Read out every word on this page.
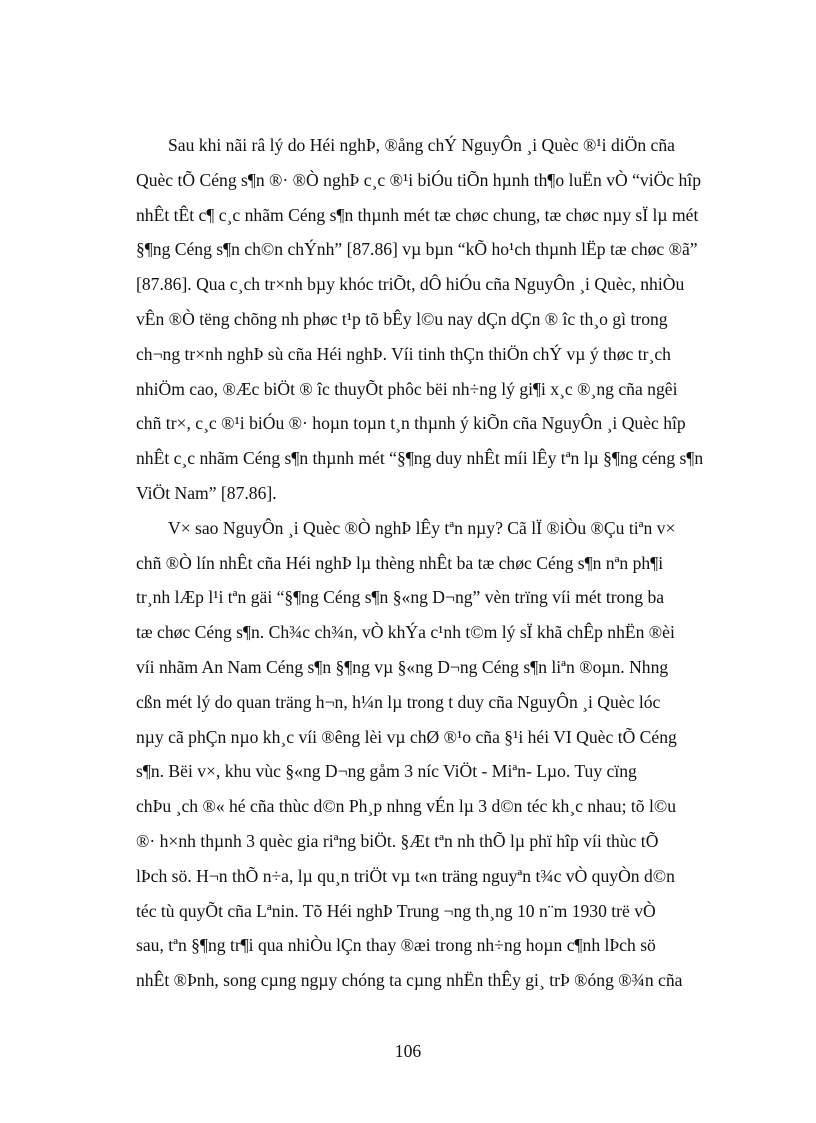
Sau khi nãi râ lý do Héi nghÞ, ®ång chÝ NguyÔn ¸i Quèc ®¹i diÖn cña
Quèc tÕ Céng s¶n ®· ®Ò nghÞ c¸c ®¹i biÓu tiÕn hµnh th¶o luËn vÒ “viÖc hîp
nhÊt tÊt c¶ c¸c nhãm Céng s¶n thµnh mét tæ chøc chung, tæ chøc nµy sÏ lµ mét
§¶ng Céng s¶n ch©n chÝnh” [87.86] vµ bµn “kÕ ho¹ch thµnh lËp tæ chøc ®ã”
[87.86]. Qua c¸ch tr×nh bµy khóc triÕt, dÔ hiÓu cña NguyÔn ¸i Quèc, nhiÒu
vÊn ®Ò tëng chõng nh phøc t¹p tõ bÊy l©u nay dÇn dÇn ® îc th¸o gì trong
ch¬ng tr×nh nghÞ sù cña Héi nghÞ. Víi tinh thÇn thiÖn chÝ vµ ý thøc tr¸ch
nhiÖm cao, ®Æc biÖt ® îc thuyÕt phôc bëi nh÷ng lý gi¶i x¸c ®¸ng cña ngêi
chñ tr×, c¸c ®¹i biÓu ®· hoµn toµn t¸n thµnh ý kiÕn cña NguyÔn ¸i Quèc hîp
nhÊt c¸c nhãm Céng s¶n thµnh mét “§¶ng duy nhÊt míi lÊy tªn lµ §¶ng céng s¶n
ViÖt Nam” [87.86].
V× sao NguyÔn ¸i Quèc ®Ò nghÞ lÊy tªn nµy? Cã lÏ ®iÒu ®Çu tiªn v×
chñ ®Ò lín nhÊt cña Héi nghÞ lµ thèng nhÊt ba tæ chøc Céng s¶n nªn ph¶i
tr¸nh lÆp l¹i tªn gäi “§¶ng Céng s¶n §«ng D¬ng” vèn trïng víi mét trong ba
tæ chøc Céng s¶n. Ch¾c ch¾n, vÒ khÝa c¹nh t©m lý sÏ khã chÊp nhËn ®èi
víi nhãm An Nam Céng s¶n §¶ng vµ §«ng D¬ng Céng s¶n liªn ®oµn. Nhng
cßn mét lý do quan träng h¬n, h¼n lµ trong t duy cña NguyÔn ¸i Quèc lóc
nµy cã phÇn nµo kh¸c víi ®êng lèi vµ chØ ®¹o cña §¹i héi VI Quèc tÕ Céng
s¶n. Bëi v×, khu vùc §«ng D¬ng gåm 3 níc ViÖt - Miªn- Lµo. Tuy cïng
chÞu ¸ch ®« hé cña thùc d©n Ph¸p nhng vÉn lµ 3 d©n téc kh¸c nhau; tõ l©u
®· h×nh thµnh 3 quèc gia riªng biÖt. §Æt tªn nh thÕ lµ phï hîp víi thùc tÕ
lÞch sö. H¬n thÕ n÷a, lµ qu¸n triÖt vµ t«n träng nguyªn t¾c vÒ quyÒn d©n
téc tù quyÕt cña Lªnin. Tõ Héi nghÞ Trung ¬ng th¸ng 10 n¨m 1930 trë vÒ
sau, tªn §¶ng tr¶i qua nhiÒu lÇn thay ®æi trong nh÷ng hoµn c¶nh lÞch sö
nhÊt ®Þnh, song cµng ngµy chóng ta cµng nhËn thÊy gi¸ trÞ ®óng ®¾n cña
106
